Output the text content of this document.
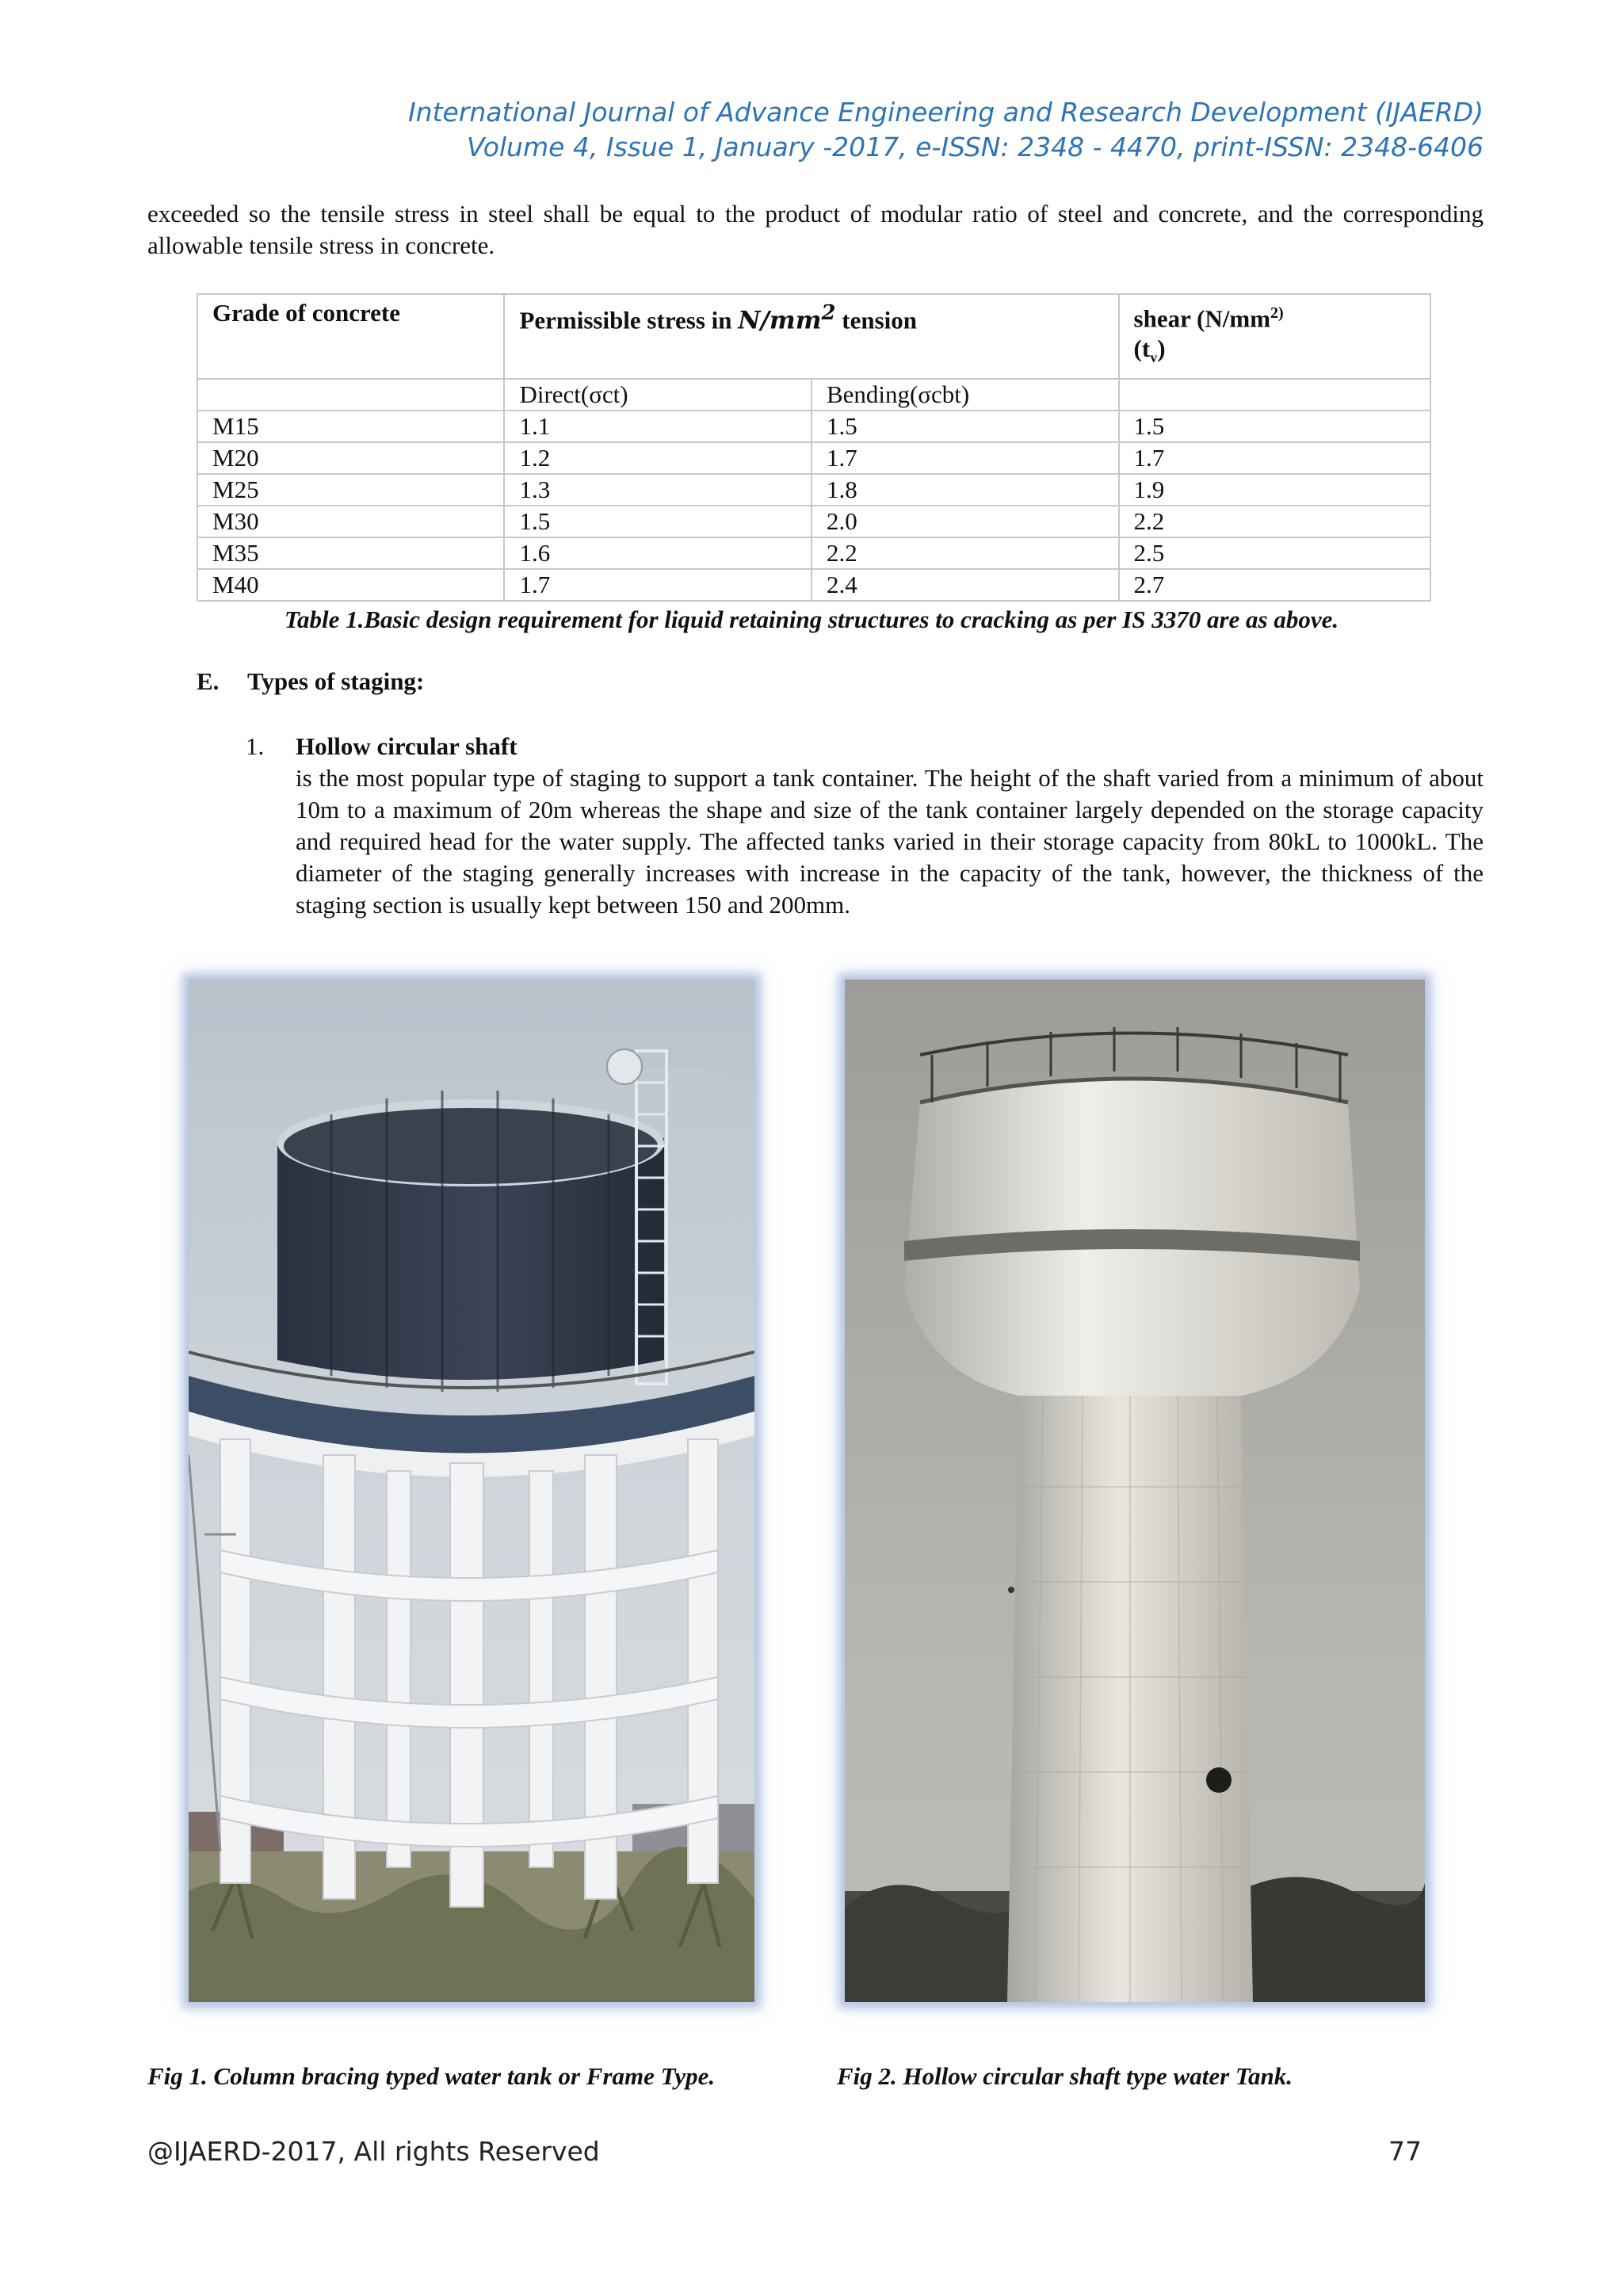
International Journal of Advance Engineering and Research Development (IJAERD)
Volume 4, Issue 1, January -2017, e-ISSN: 2348 - 4470, print-ISSN: 2348-6406
exceeded so the tensile stress in steel shall be equal to the product of modular ratio of steel and concrete, and the corresponding allowable tensile stress in concrete.
Grade of concrete	Permissible stress in $N/mm^2$ tension		shear ($N/mm^{2)}$
$(t_v)$
	Direct(σct)	Bending(σcbt)	
M15	1.1	1.5	1.5
M20	1.2	1.7	1.7
M25	1.3	1.8	1.9
M30	1.5	2.0	2.2
M35	1.6	2.2	2.5
M40	1.7	2.4	2.7
Table 1.Basic design requirement for liquid retaining structures to cracking as per IS 3370 are as above.
E. Types of staging:
1. Hollow circular shaft
is the most popular type of staging to support a tank container. The height of the shaft varied from a minimum of about 10m to a maximum of 20m whereas the shape and size of the tank container largely depended on the storage capacity and required head for the water supply. The affected tanks varied in their storage capacity from 80kL to 1000kL. The diameter of the staging generally increases with increase in the capacity of the tank, however, the thickness of the staging section is usually kept between 150 and 200mm.
Fig 1. Column bracing typed water tank or Frame Type.	Fig 2. Hollow circular shaft type water Tank.
@IJAERD-2017, All rights Reserved	77
